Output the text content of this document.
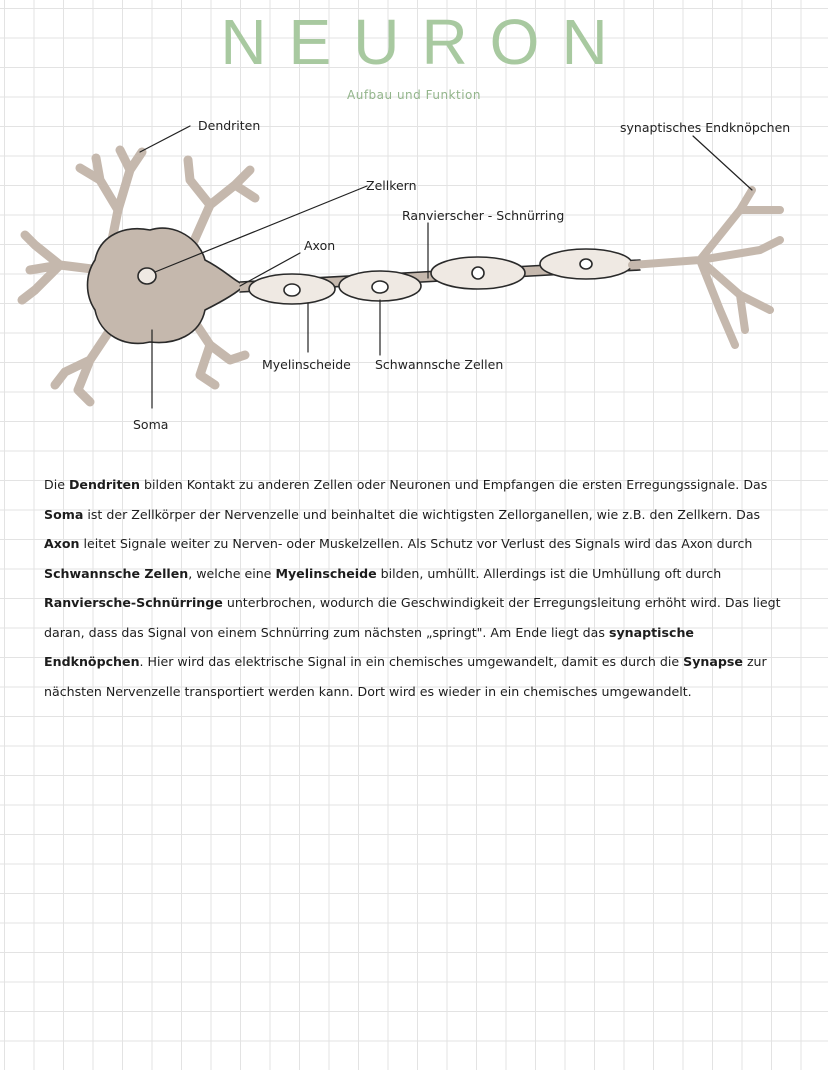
NEURON
Aufbau und Funktion
Dendriten
Zellkern
Axon
Ranvierscher - Schnürring
synaptisches Endknöpchen
Myelinscheide Schwannsche Zellen
Soma

Die Dendriten bilden Kontakt zu anderen Zellen oder Neuronen und Empfangen die ersten Erregungssignale. Das Soma ist der Zellkörper der Nervenzelle und beinhaltet die wichtigsten Zellorganellen, wie z.B. den Zellkern. Das Axon leitet Signale weiter zu Nerven- oder Muskelzellen. Als Schutz vor Verlust des Signals wird das Axon durch Schwannsche Zellen, welche eine Myelinscheide bilden, umhüllt. Allerdings ist die Umhüllung oft durch Ranviersche-Schnürringe unterbrochen, wodurch die Geschwindigkeit der Erregungsleitung erhöht wird. Das liegt daran, dass das Signal von einem Schnürring zum nächsten „springt". Am Ende liegt das synaptische Endknöpchen. Hier wird das elektrische Signal in ein chemisches umgewandelt, damit es durch die Synapse zur nächsten Nervenzelle transportiert werden kann. Dort wird es wieder in ein chemisches umgewandelt.
